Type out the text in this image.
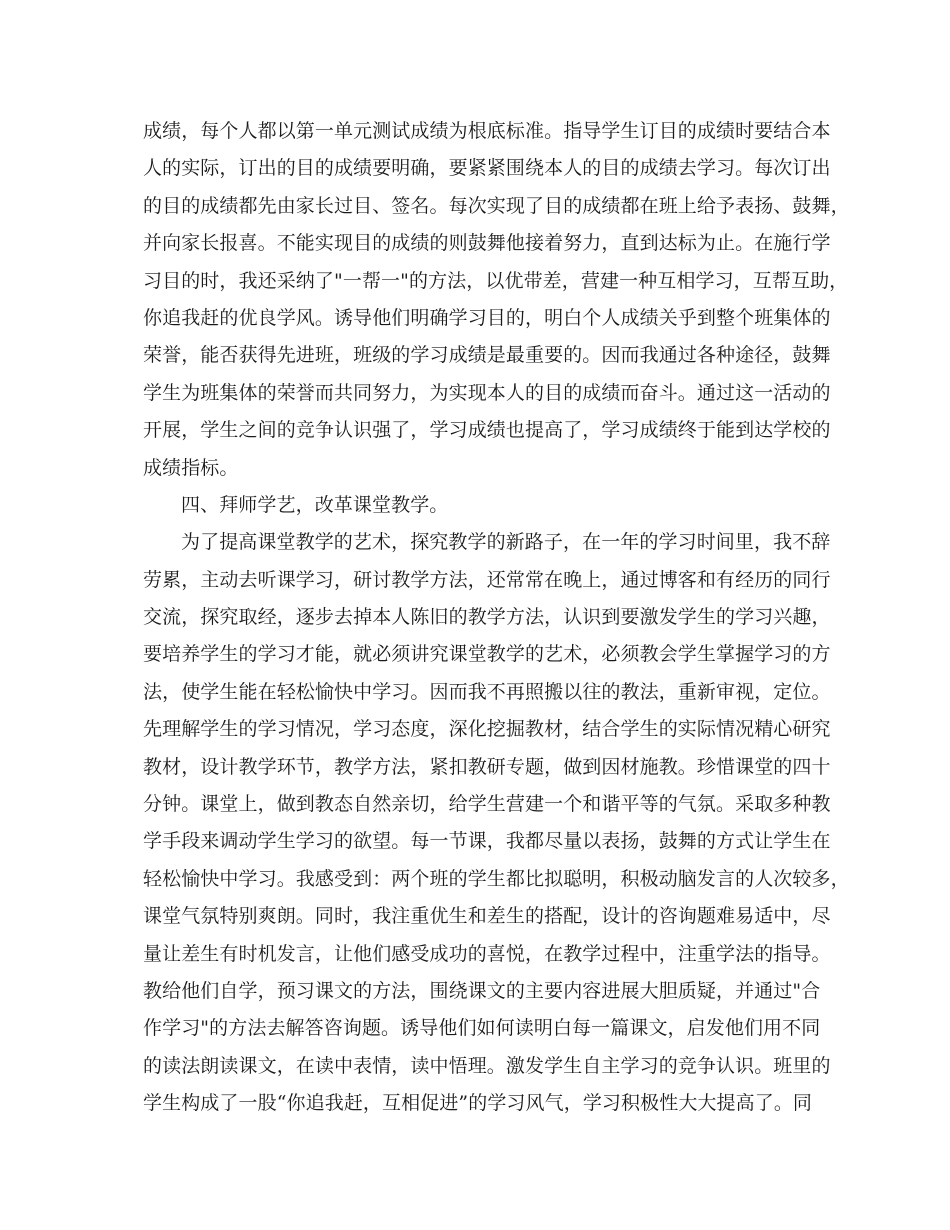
成绩，每个人都以第一单元测试成绩为根底标准。指导学生订目的成绩时要结合本
人的实际，订出的目的成绩要明确，要紧紧围绕本人的目的成绩去学习。每次订出
的目的成绩都先由家长过目、签名。每次实现了目的成绩都在班上给予表扬、鼓舞，
并向家长报喜。不能实现目的成绩的则鼓舞他接着努力，直到达标为止。在施行学
习目的时，我还采纳了"一帮一"的方法，以优带差，营建一种互相学习，互帮互助，
你追我赶的优良学风。诱导他们明确学习目的，明白个人成绩关乎到整个班集体的
荣誉，能否获得先进班，班级的学习成绩是最重要的。因而我通过各种途径，鼓舞
学生为班集体的荣誉而共同努力，为实现本人的目的成绩而奋斗。通过这一活动的
开展，学生之间的竞争认识强了，学习成绩也提高了，学习成绩终于能到达学校的
成绩指标。
四、拜师学艺，改革课堂教学。
为了提高课堂教学的艺术，探究教学的新路子，在一年的学习时间里，我不辞
劳累，主动去听课学习，研讨教学方法，还常常在晚上，通过博客和有经历的同行
交流，探究取经，逐步去掉本人陈旧的教学方法，认识到要激发学生的学习兴趣，
要培养学生的学习才能，就必须讲究课堂教学的艺术，必须教会学生掌握学习的方
法，使学生能在轻松愉快中学习。因而我不再照搬以往的教法，重新审视，定位。
先理解学生的学习情况，学习态度，深化挖掘教材，结合学生的实际情况精心研究
教材，设计教学环节，教学方法，紧扣教研专题，做到因材施教。珍惜课堂的四十
分钟。课堂上，做到教态自然亲切，给学生营建一个和谐平等的气氛。采取多种教
学手段来调动学生学习的欲望。每一节课，我都尽量以表扬，鼓舞的方式让学生在
轻松愉快中学习。我感受到：两个班的学生都比拟聪明，积极动脑发言的人次较多，
课堂气氛特别爽朗。同时，我注重优生和差生的搭配，设计的咨询题难易适中，尽
量让差生有时机发言，让他们感受成功的喜悦，在教学过程中，注重学法的指导。
教给他们自学，预习课文的方法，围绕课文的主要内容进展大胆质疑，并通过"合
作学习"的方法去解答咨询题。诱导他们如何读明白每一篇课文，启发他们用不同
的读法朗读课文，在读中表情，读中悟理。激发学生自主学习的竞争认识。班里的
学生构成了一股“你追我赶，互相促进”的学习风气，学习积极性大大提高了。同
